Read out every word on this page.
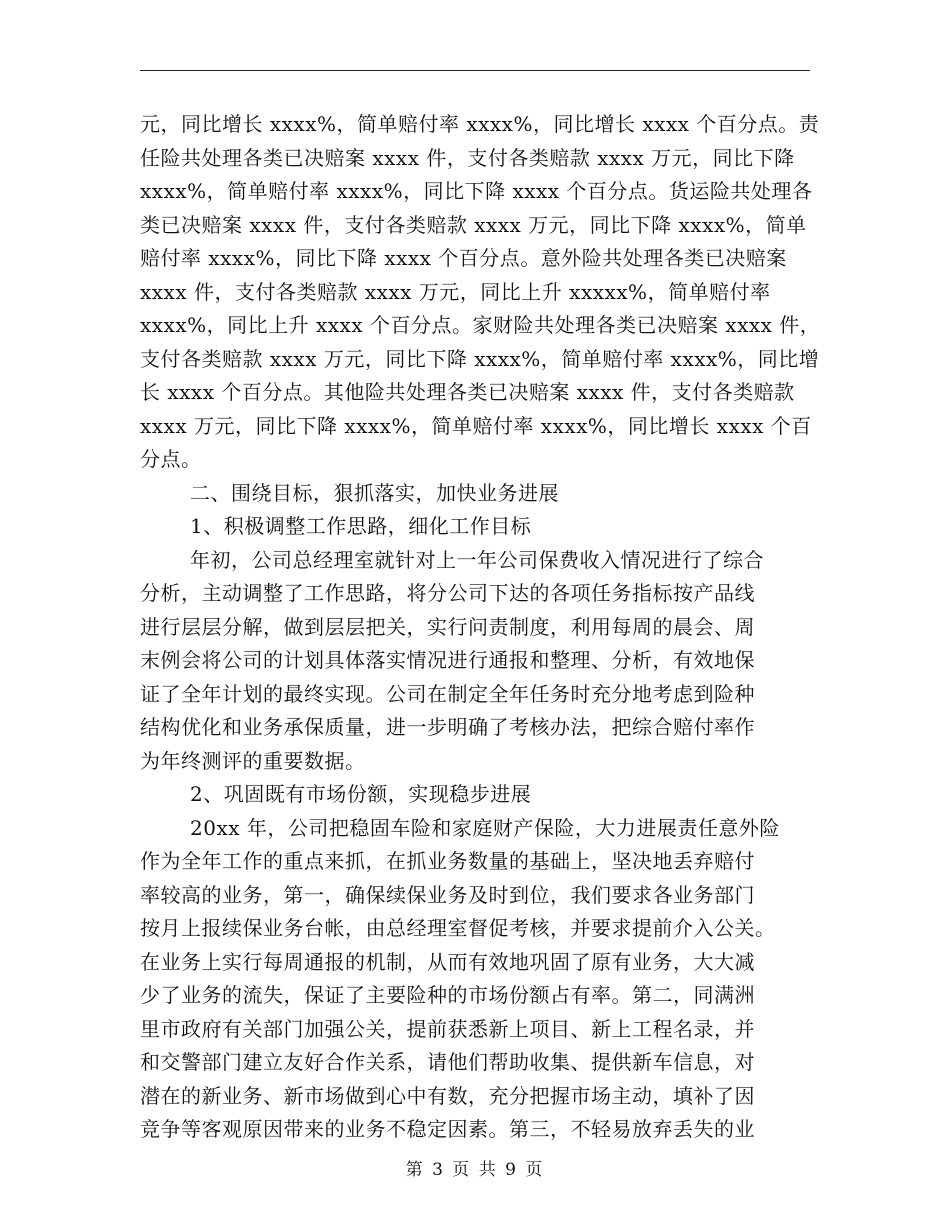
元，同比增长 xxxx%，简单赔付率 xxxx%，同比增长 xxxx 个百分点。责
任险共处理各类已决赔案 xxxx 件，支付各类赔款 xxxx 万元，同比下降
xxxx%，简单赔付率 xxxx%，同比下降 xxxx 个百分点。货运险共处理各
类已决赔案 xxxx 件，支付各类赔款 xxxx 万元，同比下降 xxxx%，简单
赔付率 xxxx%，同比下降 xxxx 个百分点。意外险共处理各类已决赔案
xxxx 件，支付各类赔款 xxxx 万元，同比上升 xxxxx%，简单赔付率
xxxx%，同比上升 xxxx 个百分点。家财险共处理各类已决赔案 xxxx 件，
支付各类赔款 xxxx 万元，同比下降 xxxx%，简单赔付率 xxxx%，同比增
长 xxxx 个百分点。其他险共处理各类已决赔案 xxxx 件，支付各类赔款
xxxx 万元，同比下降 xxxx%，简单赔付率 xxxx%，同比增长 xxxx 个百
分点。
二、围绕目标，狠抓落实，加快业务进展
1、积极调整工作思路，细化工作目标
年初，公司总经理室就针对上一年公司保费收入情况进行了综合
分析，主动调整了工作思路，将分公司下达的各项任务指标按产品线
进行层层分解，做到层层把关，实行问责制度，利用每周的晨会、周
末例会将公司的计划具体落实情况进行通报和整理、分析，有效地保
证了全年计划的最终实现。公司在制定全年任务时充分地考虑到险种
结构优化和业务承保质量，进一步明确了考核办法，把综合赔付率作
为年终测评的重要数据。
2、巩固既有市场份额，实现稳步进展
20xx 年，公司把稳固车险和家庭财产保险，大力进展责任意外险
作为全年工作的重点来抓，在抓业务数量的基础上，坚决地丢弃赔付
率较高的业务，第一，确保续保业务及时到位，我们要求各业务部门
按月上报续保业务台帐，由总经理室督促考核，并要求提前介入公关。
在业务上实行每周通报的机制，从而有效地巩固了原有业务，大大减
少了业务的流失，保证了主要险种的市场份额占有率。第二，同满洲
里市政府有关部门加强公关，提前获悉新上项目、新上工程名录，并
和交警部门建立友好合作关系，请他们帮助收集、提供新车信息，对
潜在的新业务、新市场做到心中有数，充分把握市场主动，填补了因
竞争等客观原因带来的业务不稳定因素。第三，不轻易放弃丢失的业
第 3 页 共 9 页
